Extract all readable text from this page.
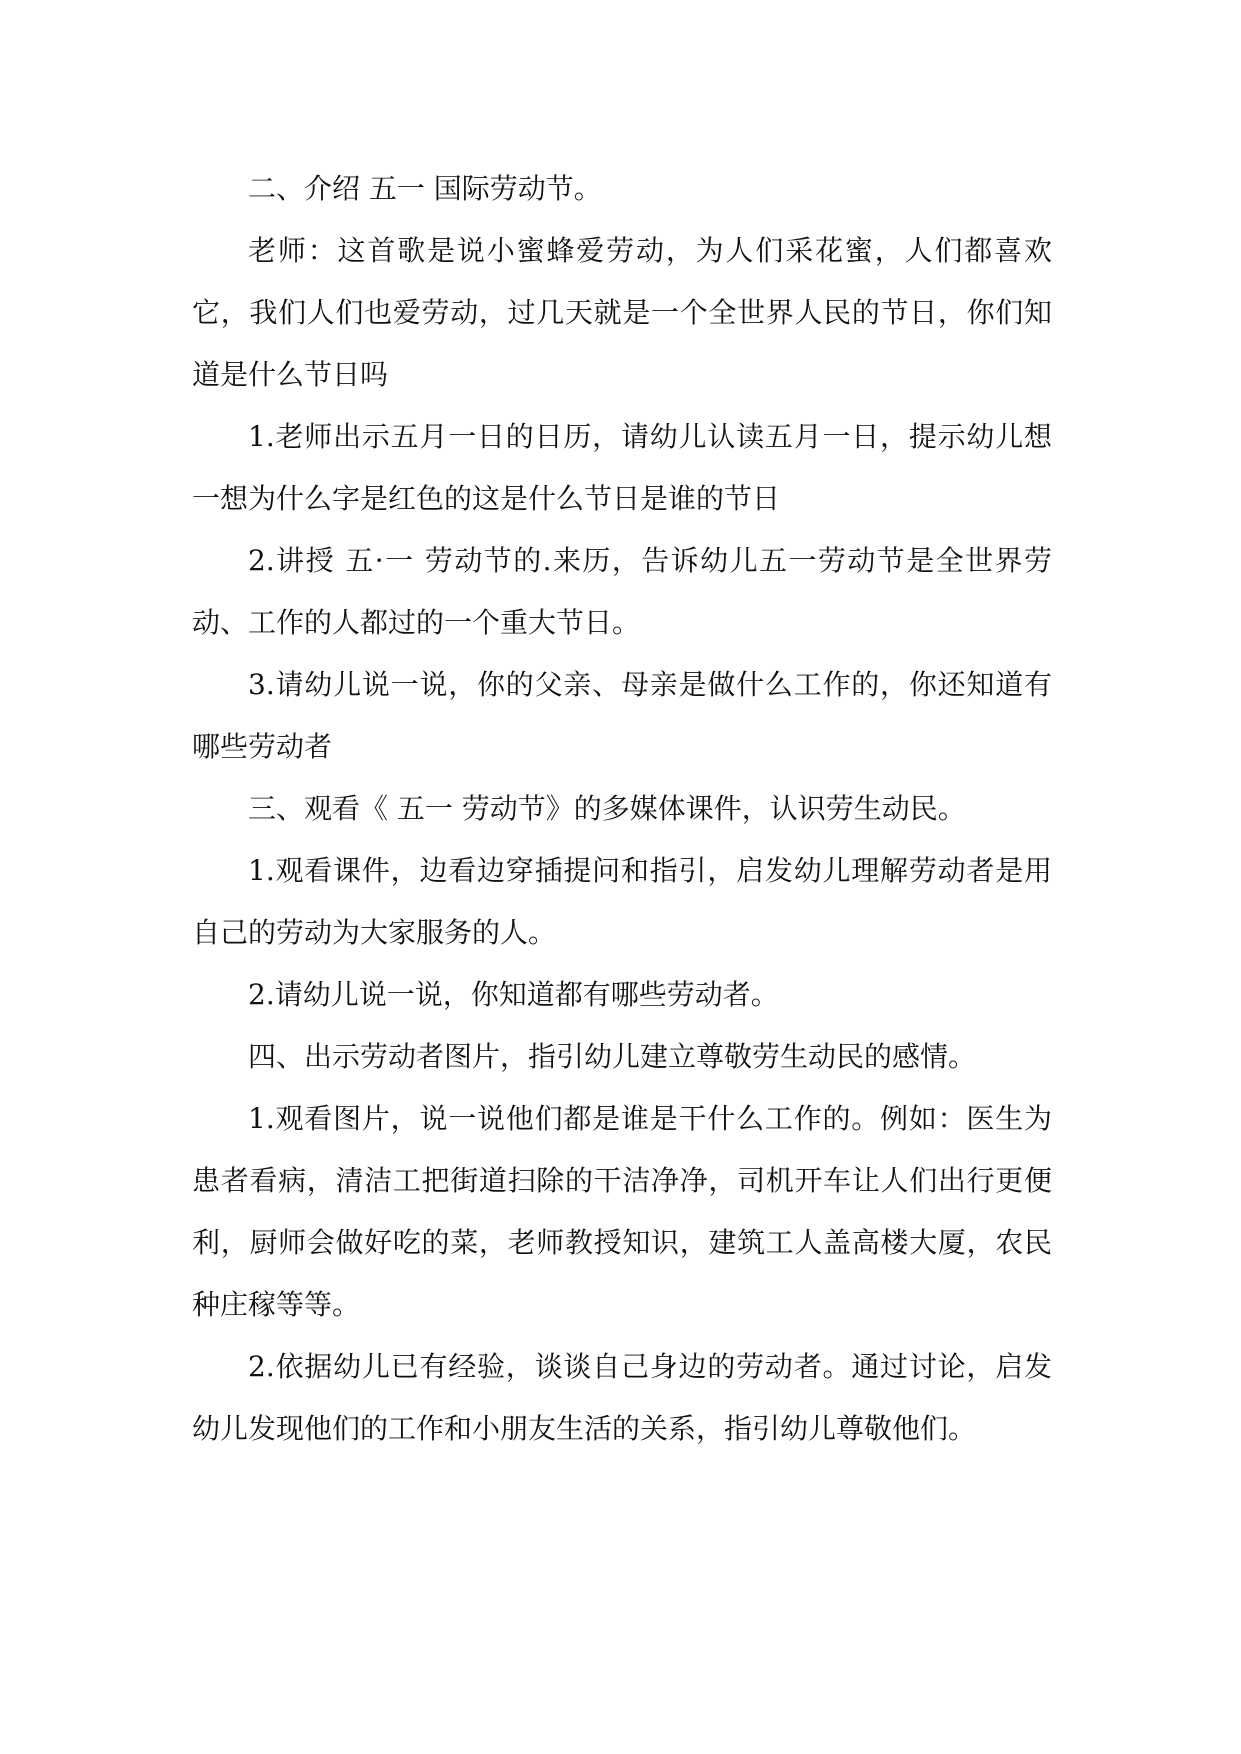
二、介绍 五一 国际劳动节。

老师：这首歌是说小蜜蜂爱劳动，为人们采花蜜，人们都喜欢它，我们人们也爱劳动，过几天就是一个全世界人民的节日，你们知道是什么节日吗

1.老师出示五月一日的日历，请幼儿认读五月一日，提示幼儿想一想为什么字是红色的这是什么节日是谁的节日

2.讲授 五·一 劳动节的.来历，告诉幼儿五一劳动节是全世界劳动、工作的人都过的一个重大节日。

3.请幼儿说一说，你的父亲、母亲是做什么工作的，你还知道有哪些劳动者

三、观看《 五一 劳动节》的多媒体课件，认识劳生动民。

1.观看课件，边看边穿插提问和指引，启发幼儿理解劳动者是用自己的劳动为大家服务的人。

2.请幼儿说一说，你知道都有哪些劳动者。

四、出示劳动者图片，指引幼儿建立尊敬劳生动民的感情。

1.观看图片，说一说他们都是谁是干什么工作的。例如：医生为患者看病，清洁工把街道扫除的干洁净净，司机开车让人们出行更便利，厨师会做好吃的菜，老师教授知识，建筑工人盖高楼大厦，农民种庄稼等等。

2.依据幼儿已有经验，谈谈自己身边的劳动者。通过讨论，启发幼儿发现他们的工作和小朋友生活的关系，指引幼儿尊敬他们。
